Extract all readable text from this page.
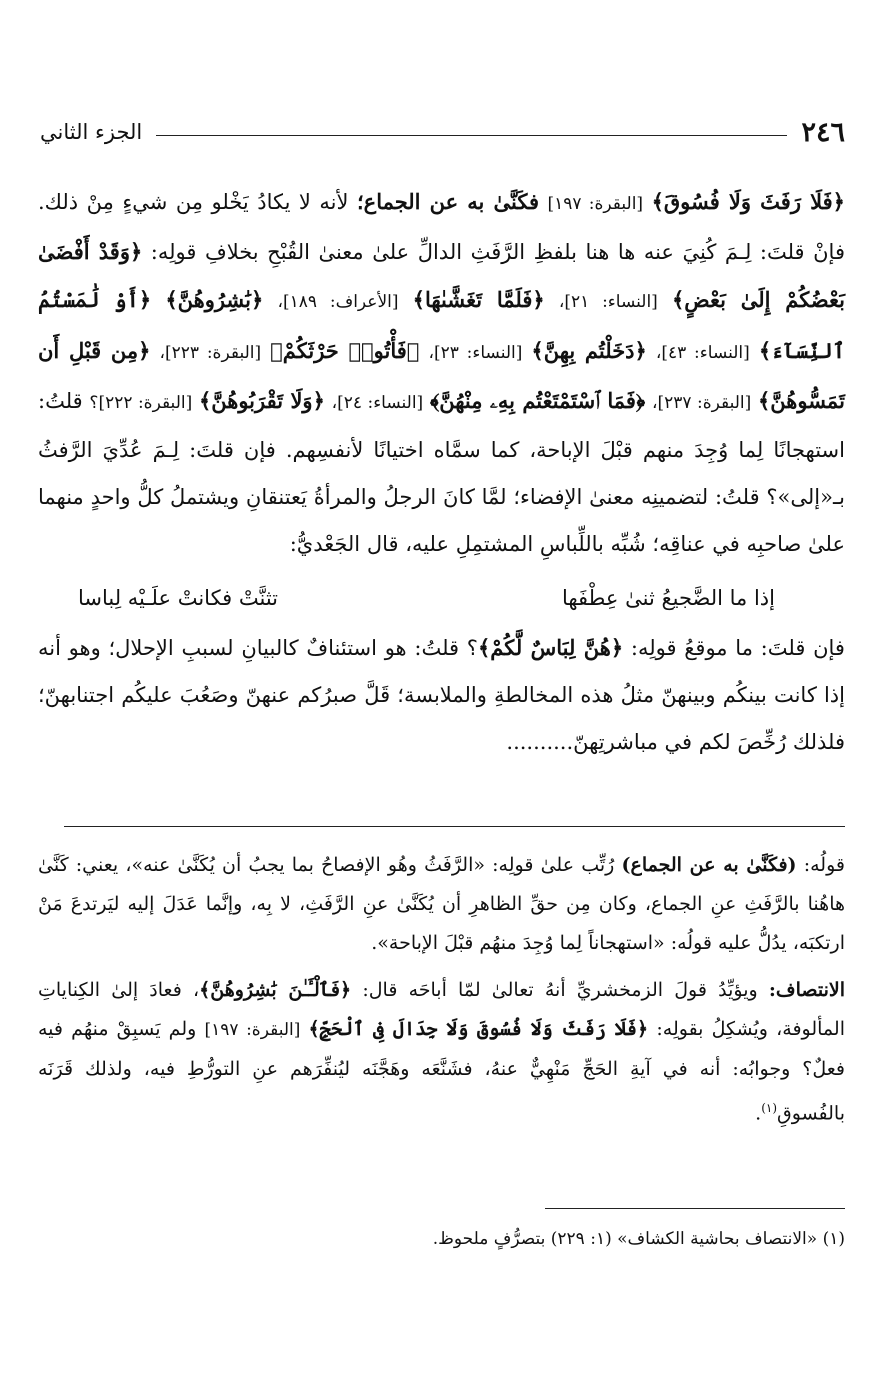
٢٤٦
الجزء الثاني

﴿فَلَا رَفَثَ وَلَا فُسُوقَ﴾ [البقرة: ١٩٧] فكَنَّىٰ به عن الجماع؛ لأنه لا يكادُ يَخْلو مِن شيءٍ مِنْ ذلك. فإنْ قلتَ: لِـمَ كُنِيَ عنه ها هنا بلفظِ الرَّفَثِ الدالِّ علىٰ معنىٰ القُبْحِ بخلافِ قولِه: ﴿وَقَدْ أَفْضَىٰ بَعْضُكُمْ إِلَىٰ بَعْضٍ﴾ [النساء: ٢١]، ﴿فَلَمَّا تَغَشَّىٰهَا﴾ [الأعراف: ١٨٩]، ﴿بَٰشِرُوهُنَّ﴾ ﴿أَوْ لَٰمَسْتُمُ ٱلنِّسَآءَ﴾ [النساء: ٤٣]، ﴿دَخَلْتُم بِهِنَّ﴾ [النساء: ٢٣]، ﴿فَأْتُوا۟ حَرْثَكُمْ﴾ [البقرة: ٢٢٣]، ﴿مِن قَبْلِ أَن تَمَسُّوهُنَّ﴾ [البقرة: ٢٣٧]، ﴿فَمَا ٱسْتَمْتَعْتُم بِهِۦ مِنْهُنَّ﴾ [النساء: ٢٤]، ﴿وَلَا تَقْرَبُوهُنَّ﴾ [البقرة: ٢٢٢]؟ قلتُ: استهجانًا لِما وُجِدَ منهم قبْلَ الإباحة، كما سمَّاه اختيانًا لأنفسِهم. فإن قلتَ: لِـمَ عُدِّيَ الرَّفثُ بـ«إلى»؟ قلتُ: لتضمينِه معنىٰ الإفضاء؛ لمَّا كانَ الرجلُ والمرأةُ يَعتنقانِ ويشتملُ كلُّ واحدٍ منهما علىٰ صاحبِه في عناقِه؛ شُبِّه باللِّباسِ المشتمِلِ عليه، قال الجَعْديُّ:

إذا ما الضَّجيعُ ثنىٰ عِطْفَها
تثنَّتْ فكانتْ علَـيْه لِباسا

فإن قلتَ: ما موقعُ قولِه: ﴿هُنَّ لِبَاسٌ لَّكُمْ﴾؟ قلتُ: هو استئنافٌ كالبيانِ لسببِ الإحلال؛ وهو أنه إذا كانت بينكُم وبينهنّ مثلُ هذه المخالطةِ والملابسة؛ قَلَّ صبرُكم عنهنّ وصَعُبَ عليكُم اجتنابهنّ؛ فلذلك رُخِّصَ لكم في مباشرتِهنّ..........

قولُه: (فكَنَّىٰ به عن الجماع) رُتِّب علىٰ قولِه: «الرَّفَثُ وهُو الإفصاحُ بما يجبُ أن يُكَنَّىٰ عنه»، يعني: كَنَّىٰ هاهُنا بالرَّفَثِ عنِ الجماع، وكان مِن حقِّ الظاهرِ أن يُكَنَّىٰ عنِ الرَّفَثِ، لا بِه، وإنَّما عَدَلَ إليه ليَرتدعَ مَنْ ارتكبَه، يدُلُّ عليه قولُه: «استهجاناً لِما وُجِدَ منهُم قبْلَ الإباحة».

الانتصاف: ويؤيِّدُ قولَ الزمخشريِّ أنهُ تعالىٰ لمّا أباحَه قال: ﴿فَٱلْـَٔـٰنَ بَٰشِرُوهُنَّ﴾، فعادَ إلىٰ الكِناياتِ المألوفة، ويُشكِلُ بقولِه: ﴿فَلَا رَفَثَ وَلَا فُسُوقَ وَلَا جِدَالَ فِى ٱلْحَجِّ﴾ [البقرة: ١٩٧] ولم يَسبِقْ منهُم فيه فعلٌ؟ وجوابُه: أنه في آيةِ الحَجِّ مَنْهِيٌّ عنهُ، فشَنَّعَه وهَجَّنَه ليُنفِّرَهم عنِ التورُّطِ فيه، ولذلك قَرَنَه بالفُسوقِ$^{(١)}$.

(١) «الانتصاف بحاشية الكشاف» (١: ٢٢٩) بتصرُّفٍ ملحوظ.
